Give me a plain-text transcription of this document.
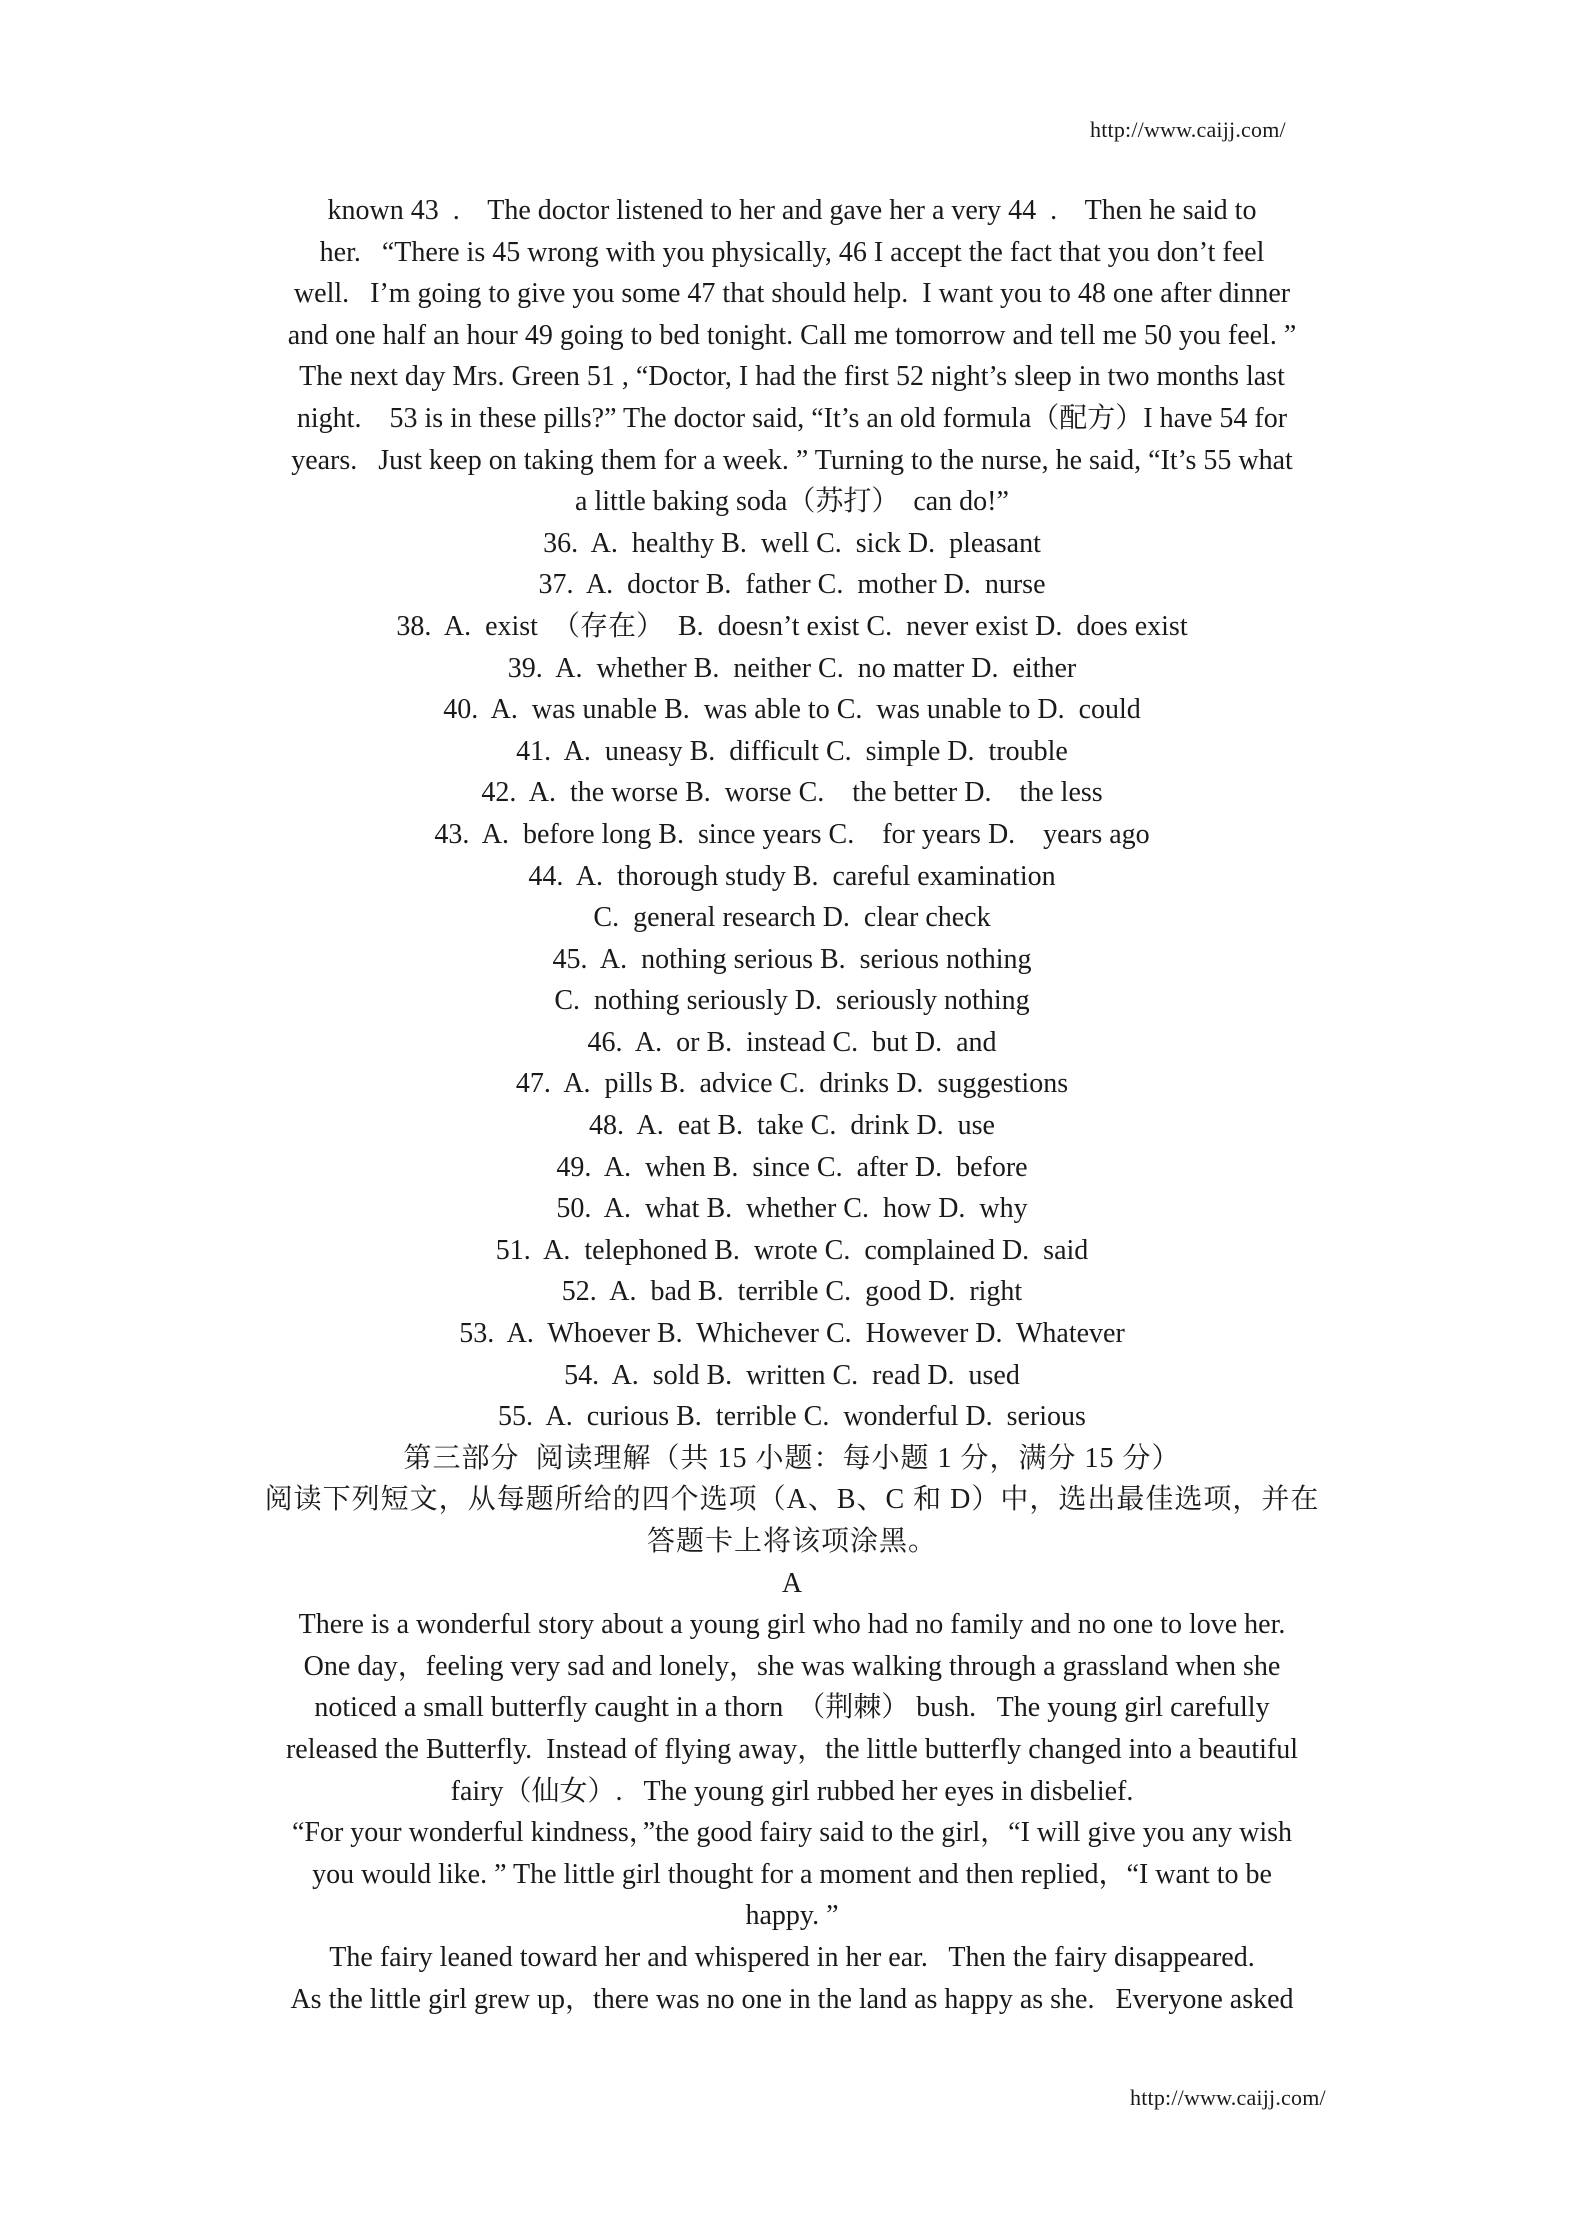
http://www.caijj.com/
known 43  .    The doctor listened to her and gave her a very 44  .    Then he said to
her.   “There is 45 wrong with you physically, 46 I accept the fact that you don’t feel
well.   I’m going to give you some 47 that should help.  I want you to 48 one after dinner
and one half an hour 49 going to bed tonight. Call me tomorrow and tell me 50 you feel. ”
The next day Mrs. Green 51 , “Doctor, I had the first 52 night’s sleep in two months last
night.    53 is in these pills?” The doctor said, “It’s an old formula（配方）I have 54 for
years.   Just keep on taking them for a week. ” Turning to the nurse, he said, “It’s 55 what
a little baking soda（苏打）  can do!”
36.  A.  healthy B.  well C.  sick D.  pleasant
37.  A.  doctor B.  father C.  mother D.  nurse
38.  A.  exist  （存在）  B.  doesn’t exist C.  never exist D.  does exist
39.  A.  whether B.  neither C.  no matter D.  either
40.  A.  was unable B.  was able to C.  was unable to D.  could
41.  A.  uneasy B.  difficult C.  simple D.  trouble
42.  A.  the worse B.  worse C.    the better D.    the less
43.  A.  before long B.  since years C.    for years D.    years ago
44.  A.  thorough study B.  careful examination
C.  general research D.  clear check
45.  A.  nothing serious B.  serious nothing
C.  nothing seriously D.  seriously nothing
46.  A.  or B.  instead C.  but D.  and
47.  A.  pills B.  advice C.  drinks D.  suggestions
48.  A.  eat B.  take C.  drink D.  use
49.  A.  when B.  since C.  after D.  before
50.  A.  what B.  whether C.  how D.  why
51.  A.  telephoned B.  wrote C.  complained D.  said
52.  A.  bad B.  terrible C.  good D.  right
53.  A.  Whoever B.  Whichever C.  However D.  Whatever
54.  A.  sold B.  written C.  read D.  used
55.  A.  curious B.  terrible C.  wonderful D.  serious
第三部分  阅读理解（共 15 小题：每小题 1 分，满分 15 分）
阅读下列短文，从每题所给的四个选项（A、B、C 和 D）中，选出最佳选项，并在
答题卡上将该项涂黑。
A
There is a wonderful story about a young girl who had no family and no one to love her.
One day，feeling very sad and lonely，she was walking through a grassland when she
noticed a small butterfly caught in a thorn  （荆棘） bush.   The young girl carefully
released the Butterfly.  Instead of flying away，the little butterfly changed into a beautiful
fairy（仙女）.   The young girl rubbed her eyes in disbelief.
“For your wonderful kindness，”the good fairy said to the girl，“I will give you any wish
you would like. ” The little girl thought for a moment and then replied，“I want to be
happy. ”
The fairy leaned toward her and whispered in her ear.   Then the fairy disappeared.
As the little girl grew up，there was no one in the land as happy as she.   Everyone asked
http://www.caijj.com/
